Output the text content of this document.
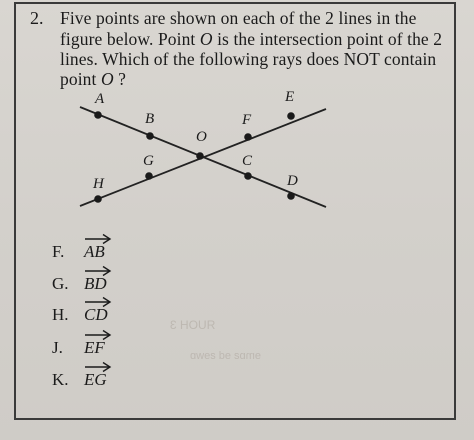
ЯUOH 3
ɘmɒƨ ɘd ƨɘwɒ
2. Five points are shown on each of the 2 lines in the
figure below. Point O is the intersection point of the 2
lines. Which of the following rays does NOT contain
point O ?
A
B
O
F
E
H
G	C
D
F.	AB
G. BD
H. CD
J.	EF
K. EG
